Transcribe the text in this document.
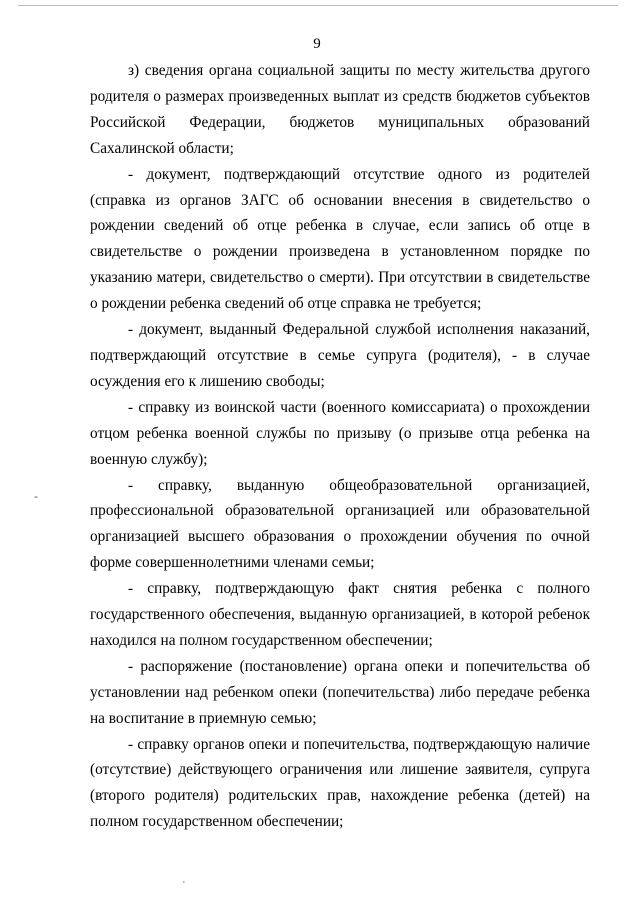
9

з) сведения органа социальной защиты по месту жительства другого родителя о размерах произведенных выплат из средств бюджетов субъектов Российской Федерации, бюджетов муниципальных образований Сахалинской области;

- документ, подтверждающий отсутствие одного из родителей (справка из органов ЗАГС об основании внесения в свидетельство о рождении сведений об отце ребенка в случае, если запись об отце в свидетельстве о рождении произведена в установленном порядке по указанию матери, свидетельство о смерти). При отсутствии в свидетельстве о рождении ребенка сведений об отце справка не требуется;

- документ, выданный Федеральной службой исполнения наказаний, подтверждающий отсутствие в семье супруга (родителя), - в случае осуждения его к лишению свободы;

- справку из воинской части (военного комиссариата) о прохождении отцом ребенка военной службы по призыву (о призыве отца ребенка на военную службу);

- справку, выданную общеобразовательной организацией, профессиональной образовательной организацией или образовательной организацией высшего образования о прохождении обучения по очной форме совершеннолетними членами семьи;

- справку, подтверждающую факт снятия ребенка с полного государственного обеспечения, выданную организацией, в которой ребенок находился на полном государственном обеспечении;

- распоряжение (постановление) органа опеки и попечительства об установлении над ребенком опеки (попечительства) либо передаче ребенка на воспитание в приемную семью;

- справку органов опеки и попечительства, подтверждающую наличие (отсутствие) действующего ограничения или лишение заявителя, супруга (второго родителя) родительских прав, нахождение ребенка (детей) на полном государственном обеспечении;

-
'
